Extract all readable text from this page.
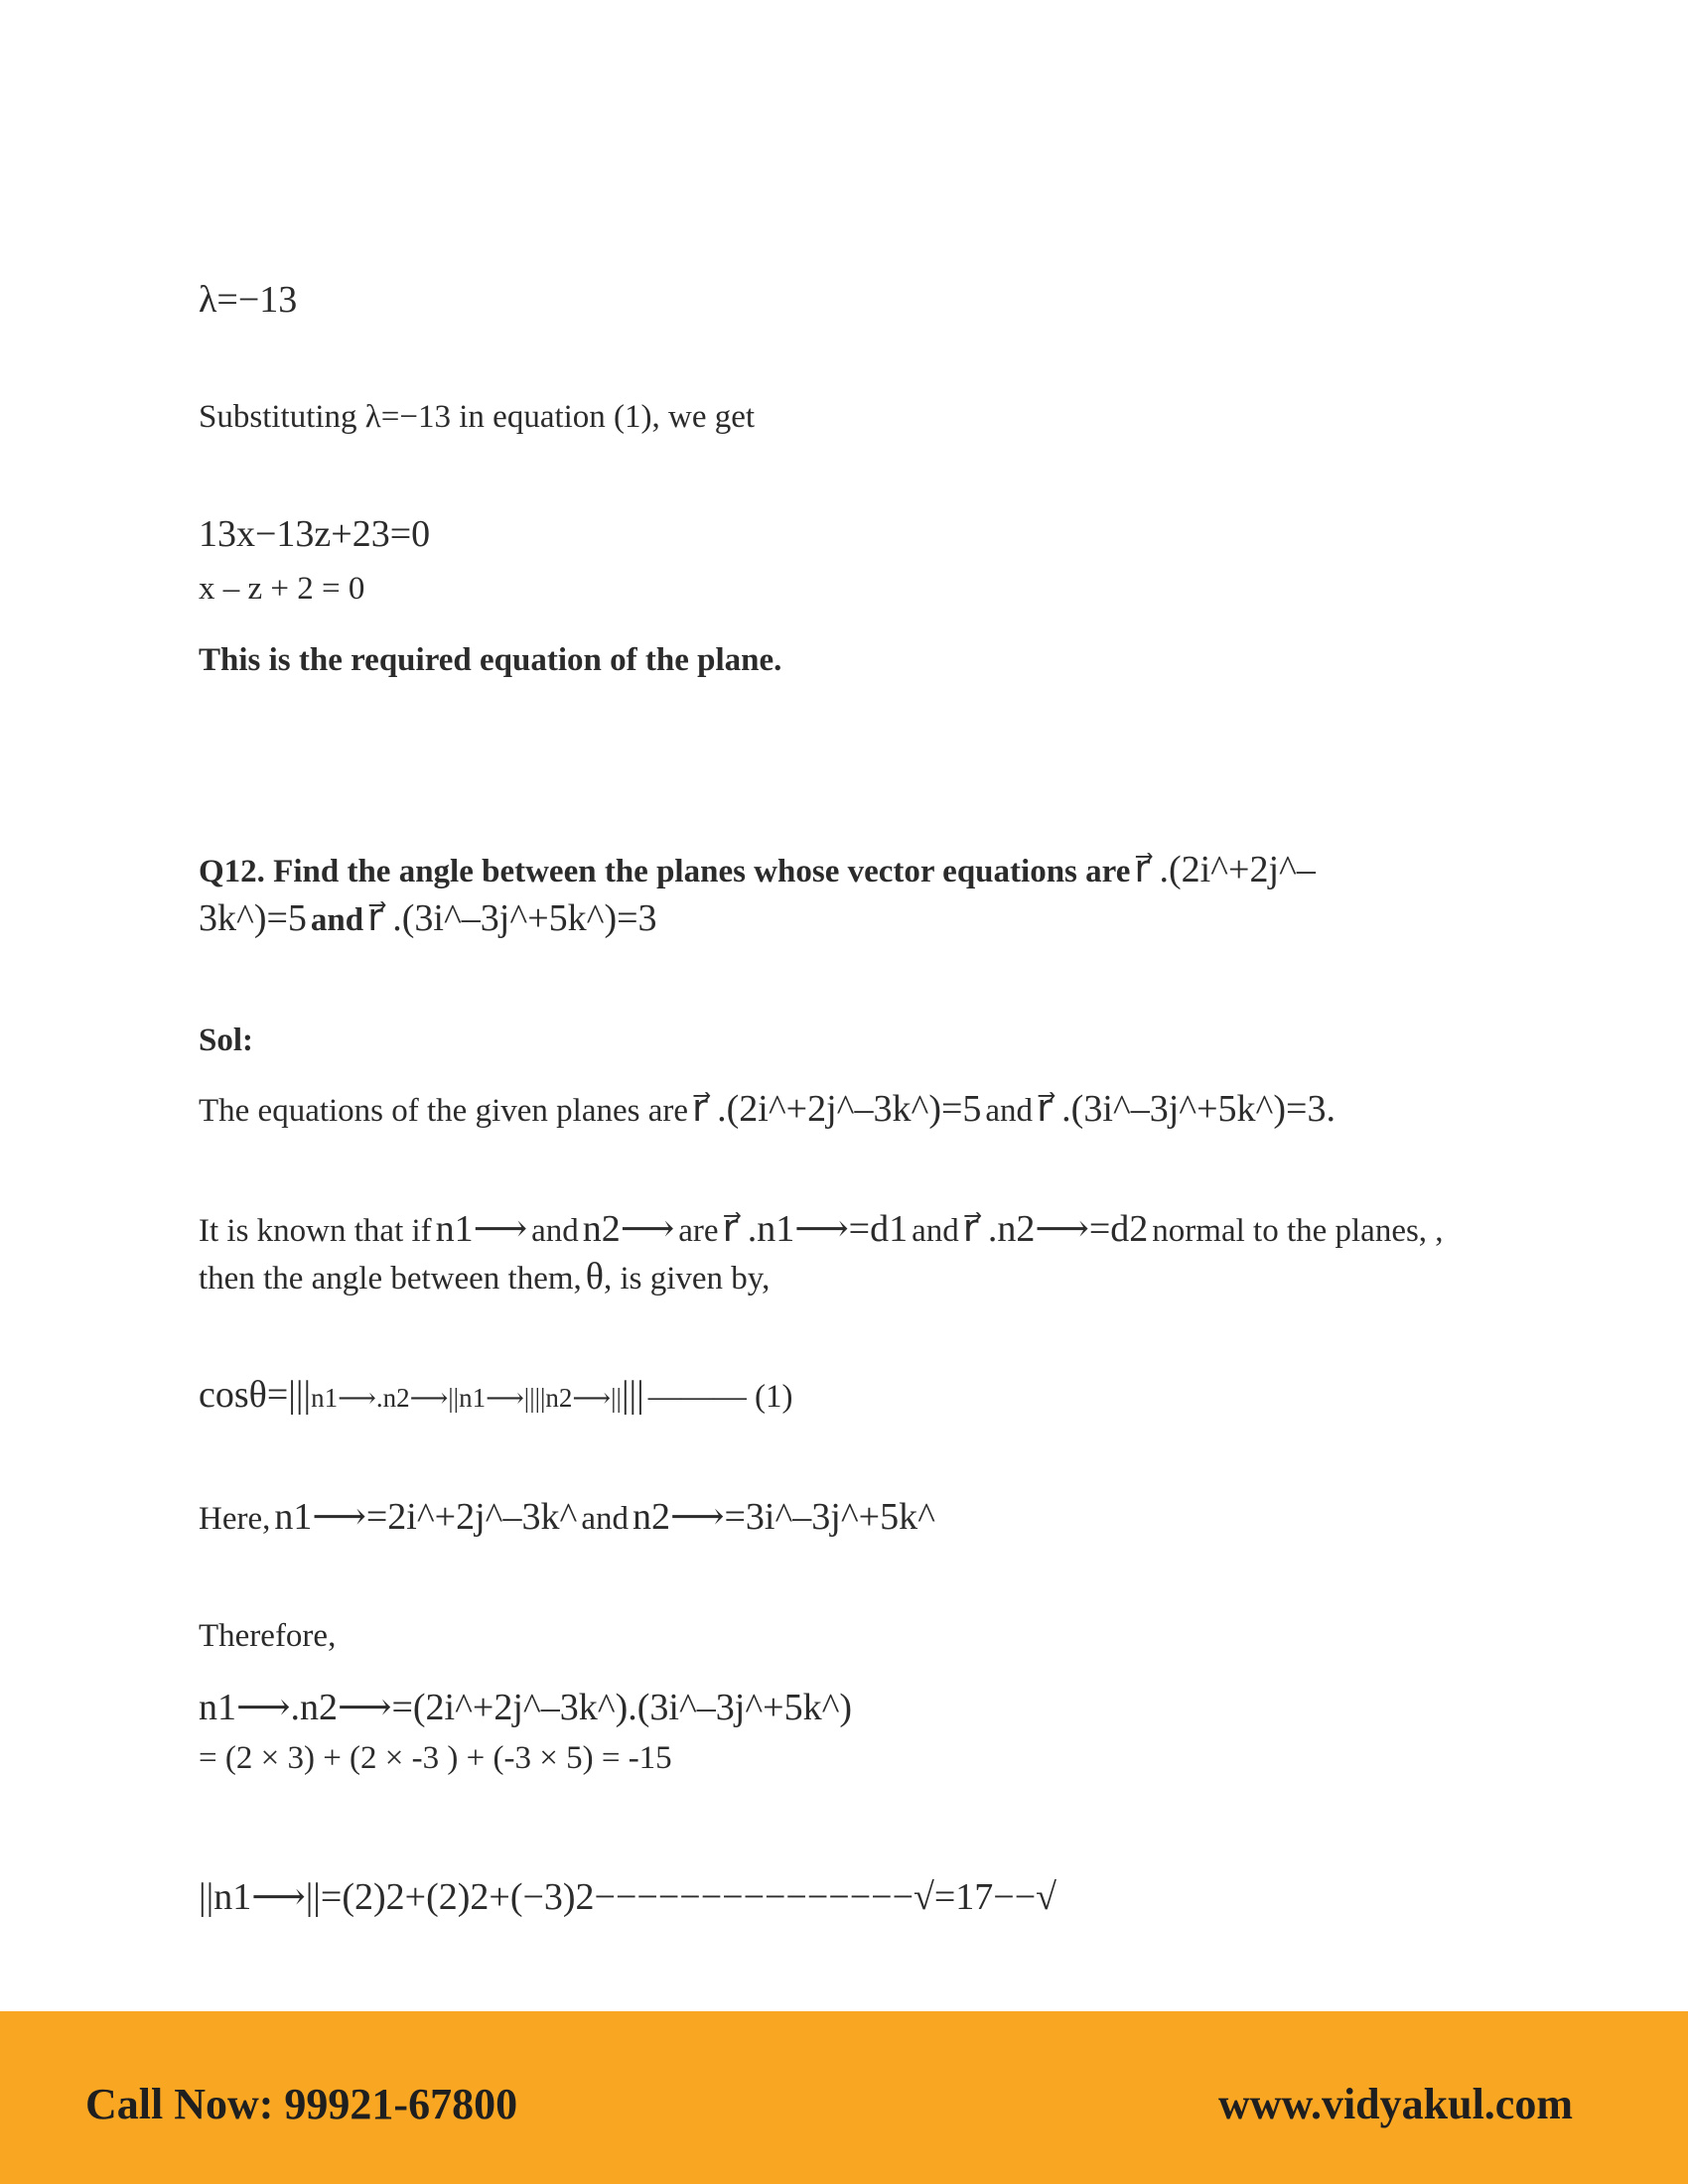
λ=−13
Substituting λ=−13 in equation (1), we get
13x−13z+23=0
x – z + 2 = 0
This is the required equation of the plane.
Q12. Find the angle between the planes whose vector equations are r⃗ .(2i^+2j^–
3k^)=5 and r⃗ .(3i^–3j^+5k^)=3
Sol:
The equations of the given planes are r⃗ .(2i^+2j^–3k^)=5 and r⃗ .(3i^–3j^+5k^)=3.
It is known that if n1⟶ and n2⟶ are r⃗ .n1⟶=d1 and r⃗ .n2⟶=d2 normal to the planes, ,
then the angle between them, θ, is given by,
cosθ=|||n1⟶.n2⟶||n1⟶||||n2⟶||||| ——— (1)
Here, n1⟶=2i^+2j^–3k^ and n2⟶=3i^–3j^+5k^
Therefore,
n1⟶.n2⟶=(2i^+2j^–3k^).(3i^–3j^+5k^)
= (2 × 3) + (2 × -3 ) + (-3 × 5) = -15
||n1⟶||=(2)2+(2)2+(−3)2−−−−−−−−−−−−−−−√=17−−√
Call Now: 99921-67800	www.vidyakul.com
